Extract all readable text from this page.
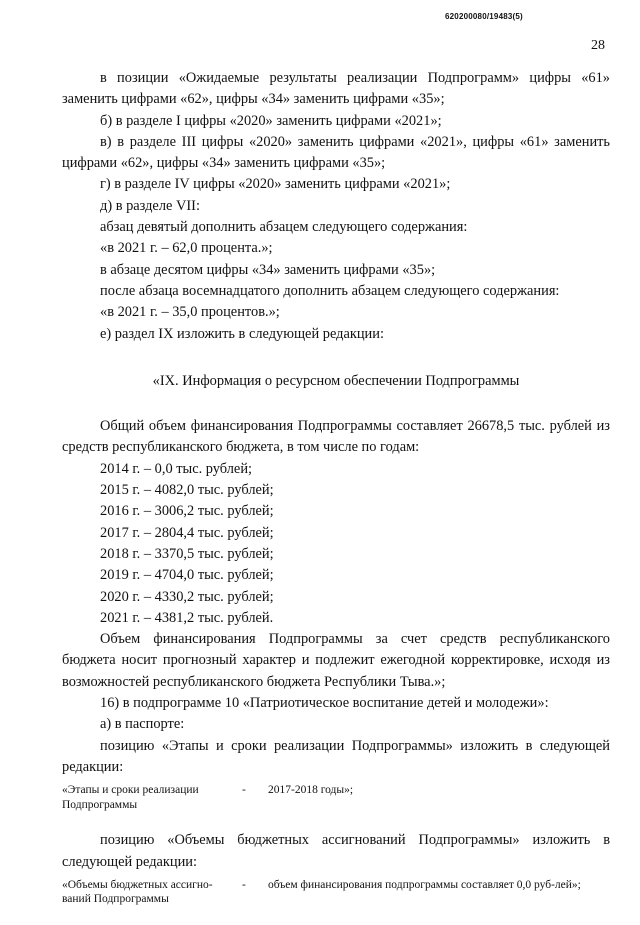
620200080/19483(5)
28

в позиции «Ожидаемые результаты реализации Подпрограмм» цифры «61» заменить цифрами «62», цифры «34» заменить цифрами «35»;

б) в разделе I цифры «2020» заменить цифрами «2021»;

в) в разделе III цифры «2020» заменить цифрами «2021», цифры «61» заменить цифрами «62», цифры «34» заменить цифрами «35»;

г) в разделе IV цифры «2020» заменить цифрами «2021»;

д) в разделе VII:

абзац девятый дополнить абзацем следующего содержания:

«в 2021 г. – 62,0 процента.»;

в абзаце десятом цифры «34» заменить цифрами «35»;

после абзаца восемнадцатого дополнить абзацем следующего содержания:

«в 2021 г. – 35,0 процентов.»;

е) раздел IX изложить в следующей редакции:

«IX. Информация о ресурсном обеспечении Подпрограммы

Общий объем финансирования Подпрограммы составляет 26678,5 тыс. рублей из средств республиканского бюджета, в том числе по годам:

2014 г. – 0,0 тыс. рублей;

2015 г. – 4082,0 тыс. рублей;

2016 г. – 3006,2 тыс. рублей;

2017 г. – 2804,4 тыс. рублей;

2018 г. – 3370,5 тыс. рублей;

2019 г. – 4704,0 тыс. рублей;

2020 г. – 4330,2 тыс. рублей;

2021 г. – 4381,2 тыс. рублей.

Объем финансирования Подпрограммы за счет средств республиканского бюджета носит прогнозный характер и подлежит ежегодной корректировке, исходя из возможностей республиканского бюджета Республики Тыва.»;

16) в подпрограмме 10 «Патриотическое воспитание детей и молодежи»:

а) в паспорте:

позицию «Этапы и сроки реализации Подпрограммы» изложить в следующей редакции:

«Этапы и сроки реализации Подпрограммы
-	2017-2018 годы»;

позицию «Объемы бюджетных ассигнований Подпрограммы» изложить в следующей редакции:

«Объемы бюджетных ассигно-ваний Подпрограммы
-	объем финансирования подпрограммы составляет 0,0 руб-лей»;
